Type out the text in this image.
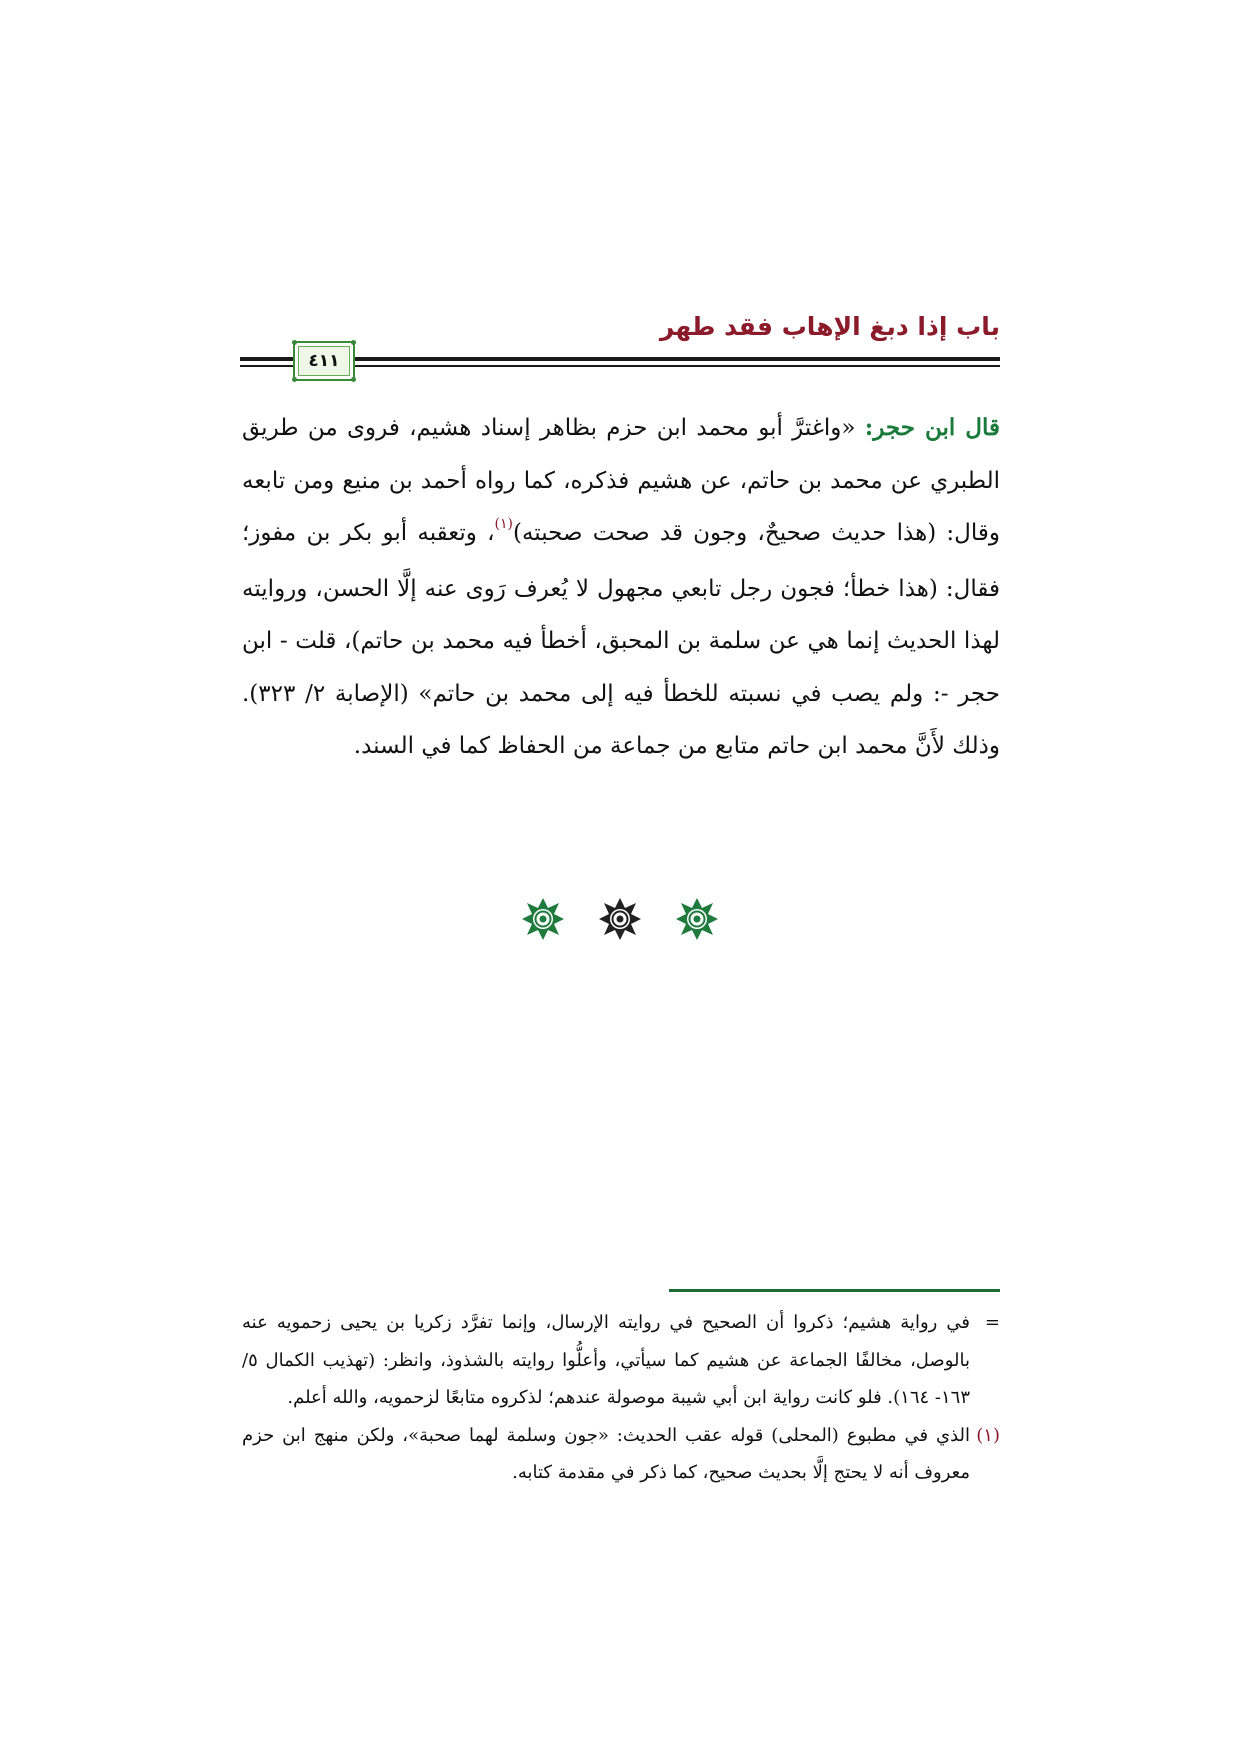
باب إذا دبغ الإهاب فقد طهر
٤١١
قال ابن حجر: «واغترَّ أبو محمد ابن حزم بظاهر إسناد هشيم، فروى من طريق الطبري عن محمد بن حاتم، عن هشيم فذكره، كما رواه أحمد بن منيع ومن تابعه وقال: (هذا حديث صحيحٌ، وجون قد صحت صحبته)$^{(١)}$، وتعقبه أبو بكر بن مفوز؛ فقال: (هذا خطأ؛ فجون رجل تابعي مجهول لا يُعرف رَوى عنه إلَّا الحسن، وروايته لهذا الحديث إنما هي عن سلمة بن المحبق، أخطأ فيه محمد بن حاتم)، قلت - ابن حجر -: ولم يصب في نسبته للخطأ فيه إلى محمد بن حاتم» (الإصابة ٢/ ٣٢٣). وذلك لأَنَّ محمد ابن حاتم متابع من جماعة من الحفاظ كما في السند.
=
في رواية هشيم؛ ذكروا أن الصحيح في روايته الإرسال، وإنما تفرَّد زكريا بن يحيى زحمويه عنه بالوصل، مخالفًا الجماعة عن هشيم كما سيأتي، وأعلُّوا روايته بالشذوذ، وانظر: (تهذيب الكمال ٥/ ١٦٣- ١٦٤). فلو كانت رواية ابن أبي شيبة موصولة عندهم؛ لذكروه متابعًا لزحمويه، والله أعلم.
(١)
الذي في مطبوع (المحلى) قوله عقب الحديث: «جون وسلمة لهما صحبة»، ولكن منهج ابن حزم معروف أنه لا يحتج إلَّا بحديث صحيح، كما ذكر في مقدمة كتابه.
